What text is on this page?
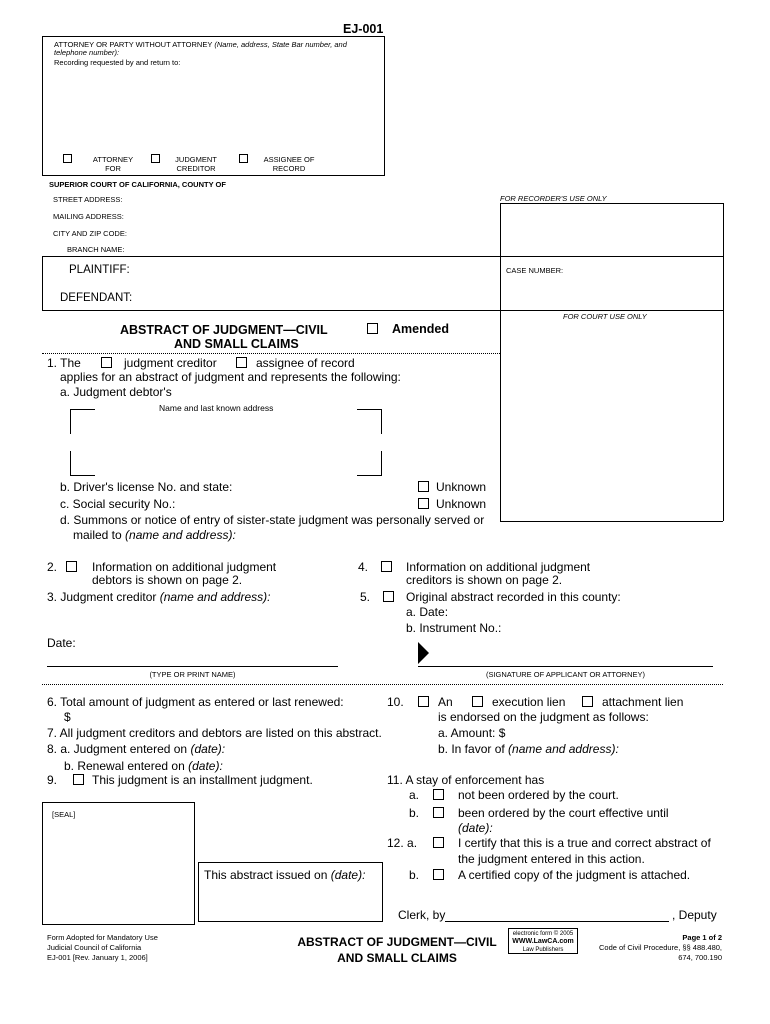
EJ-001
ATTORNEY OR PARTY WITHOUT ATTORNEY (Name, address, State Bar number, and
telephone number):
Recording requested by and return to:
ATTORNEY
FOR
JUDGMENT
CREDITOR
ASSIGNEE OF
RECORD
SUPERIOR COURT OF CALIFORNIA, COUNTY OF
STREET ADDRESS:
MAILING ADDRESS:
CITY AND ZIP CODE:
BRANCH NAME:
FOR RECORDER'S USE ONLY
PLAINTIFF:
DEFENDANT:
CASE NUMBER:
FOR COURT USE ONLY
ABSTRACT OF JUDGMENT—CIVIL
AND SMALL CLAIMS
Amended
1. The	judgment creditor	assignee of record
applies for an abstract of judgment and represents the following:
a. Judgment debtor's
Name and last known address
b. Driver's license No. and state:	Unknown
c. Social security No.:	Unknown
d. Summons or notice of entry of sister-state judgment was personally served or
mailed to (name and address):
2.	Information on additional judgment
debtors is shown on page 2.
4.	Information on additional judgment
creditors is shown on page 2.
3. Judgment creditor (name and address):	5.	Original abstract recorded in this county:
a. Date:
b. Instrument No.:
Date:
(TYPE OR PRINT NAME)	(SIGNATURE OF APPLICANT OR ATTORNEY)
6. Total amount of judgment as entered or last renewed:
$
7. All judgment creditors and debtors are listed on this abstract.
8. a. Judgment entered on (date):
b. Renewal entered on (date):
9.	This judgment is an installment judgment.
10.	An	execution lien	attachment lien
is endorsed on the judgment as follows:
a. Amount: $
b. In favor of (name and address):
11. A stay of enforcement has
a.	not been ordered by the court.
b.	been ordered by the court effective until
(date):
12. a.	I certify that this is a true and correct abstract of
the judgment entered in this action.
b.	A certified copy of the judgment is attached.
[SEAL]
This abstract issued on (date):
Clerk, by	, Deputy
Form Adopted for Mandatory Use
Judicial Council of California
EJ-001 [Rev. January 1, 2006]
ABSTRACT OF JUDGMENT—CIVIL
AND SMALL CLAIMS
electronic form © 2005
WWW.LawCA.com
Law Publishers
Page 1 of 2
Code of Civil Procedure, §§ 488.480,
674, 700.190
